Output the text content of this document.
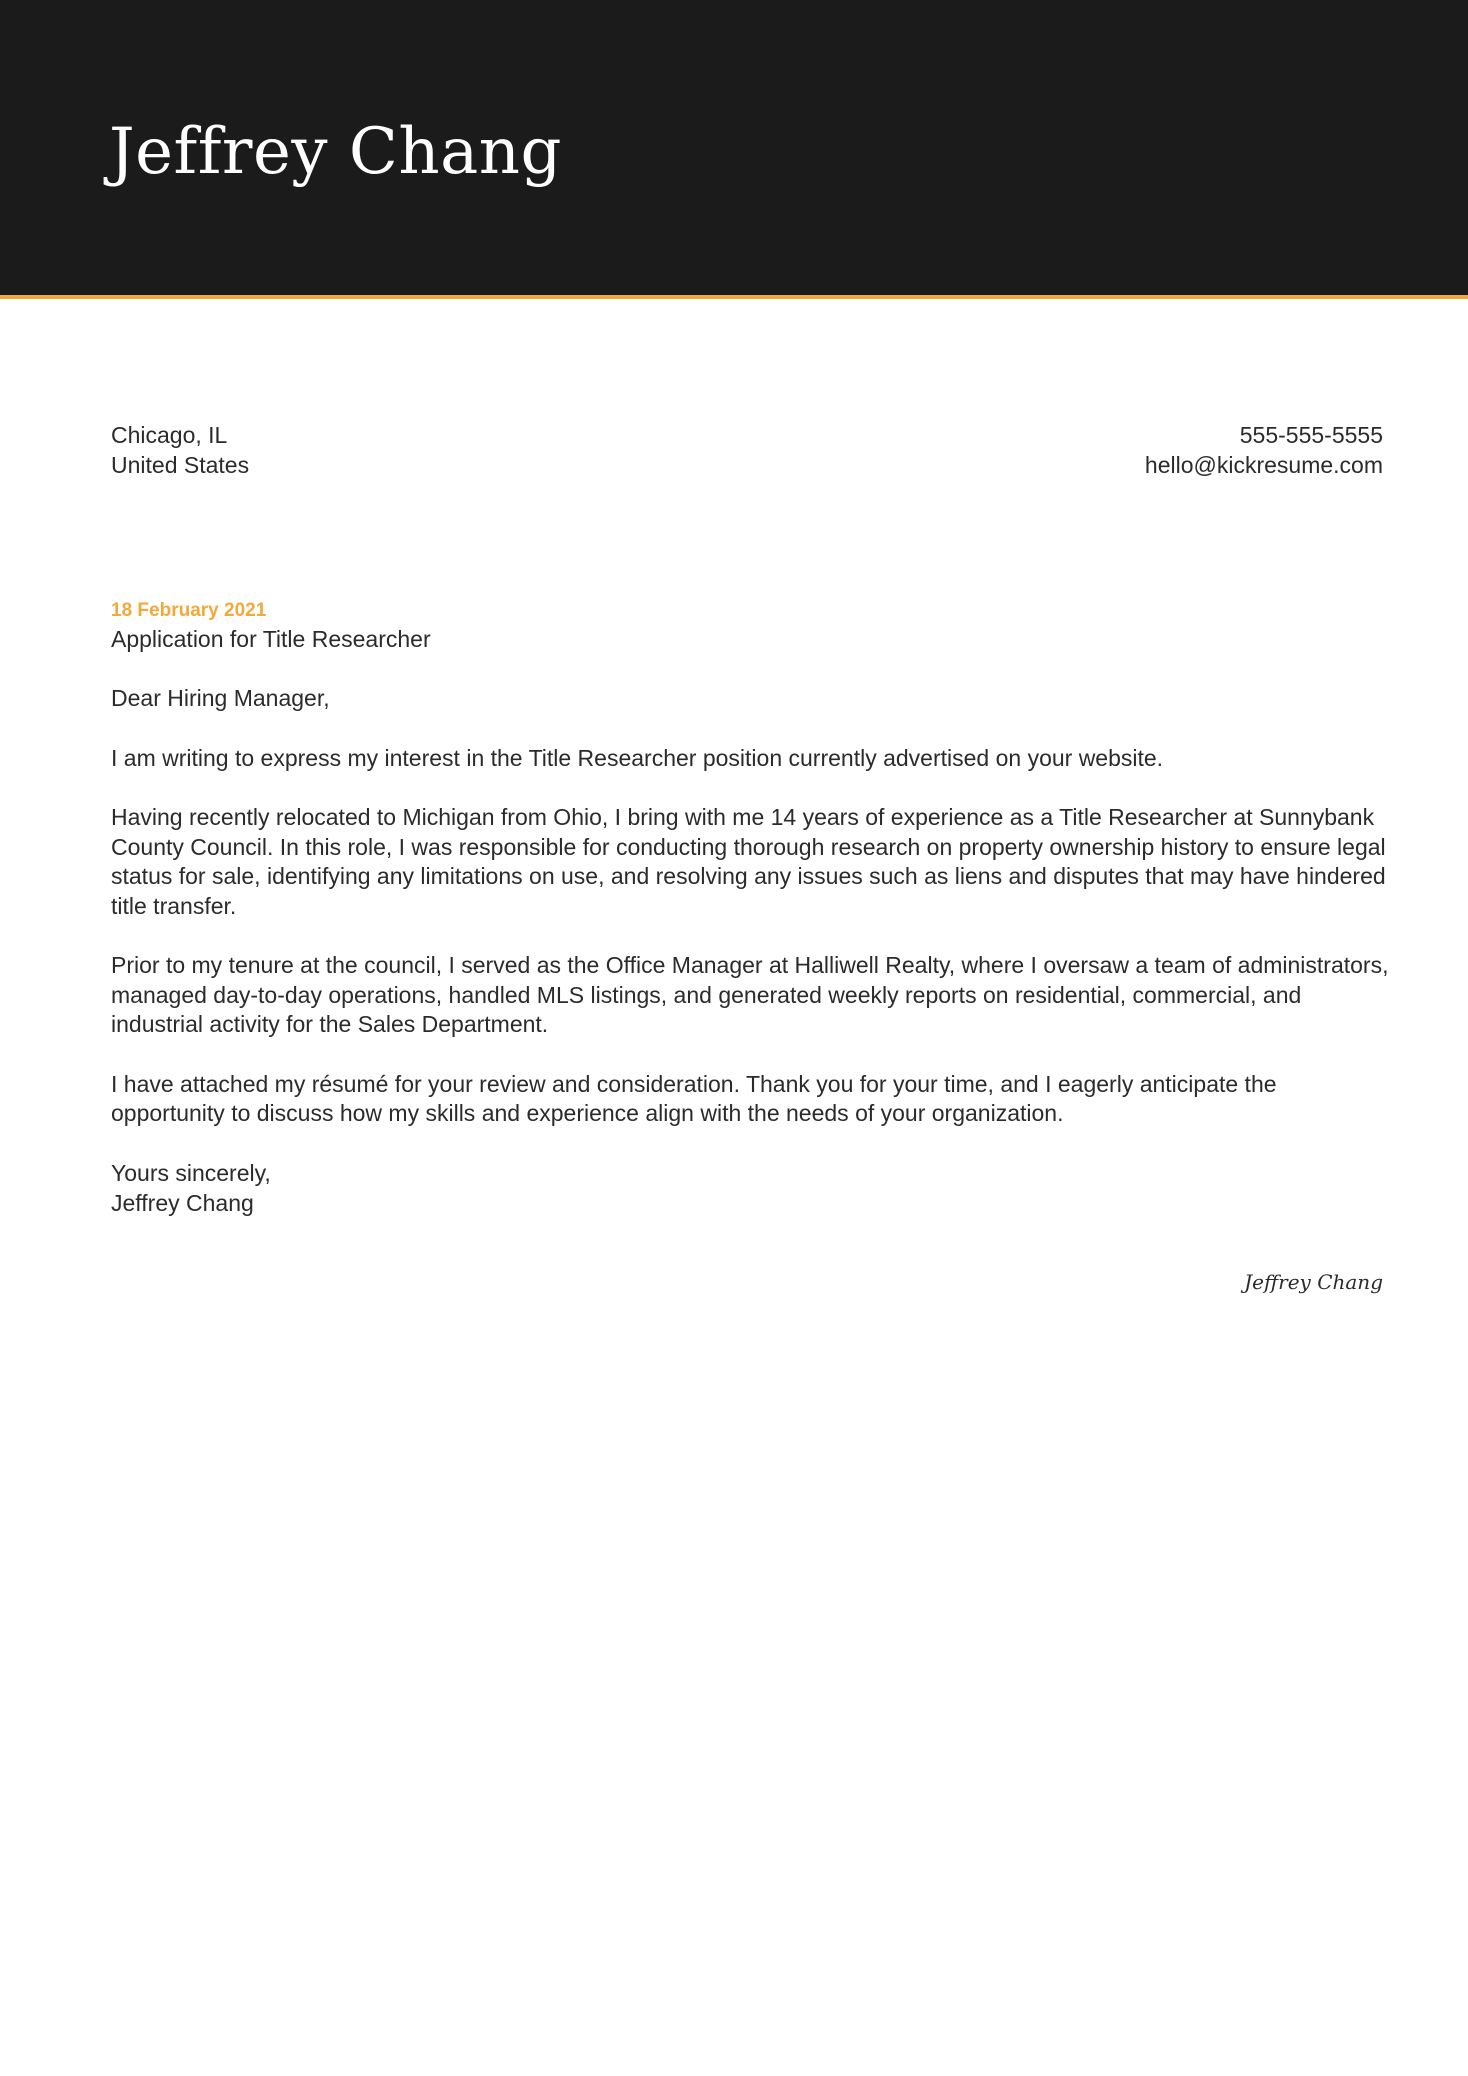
Jeffrey Chang
Chicago, IL
United States
555-555-5555
hello@kickresume.com
18 February 2021
Application for Title Researcher
Dear Hiring Manager,
I am writing to express my interest in the Title Researcher position currently advertised on your website.
Having recently relocated to Michigan from Ohio, I bring with me 14 years of experience as a Title Researcher at Sunnybank County Council. In this role, I was responsible for conducting thorough research on property ownership history to ensure legal status for sale, identifying any limitations on use, and resolving any issues such as liens and disputes that may have hindered title transfer.
Prior to my tenure at the council, I served as the Office Manager at Halliwell Realty, where I oversaw a team of administrators, managed day-to-day operations, handled MLS listings, and generated weekly reports on residential, commercial, and industrial activity for the Sales Department.
I have attached my résumé for your review and consideration. Thank you for your time, and I eagerly anticipate the opportunity to discuss how my skills and experience align with the needs of your organization.
Yours sincerely,
Jeffrey Chang
Jeffrey Chang
